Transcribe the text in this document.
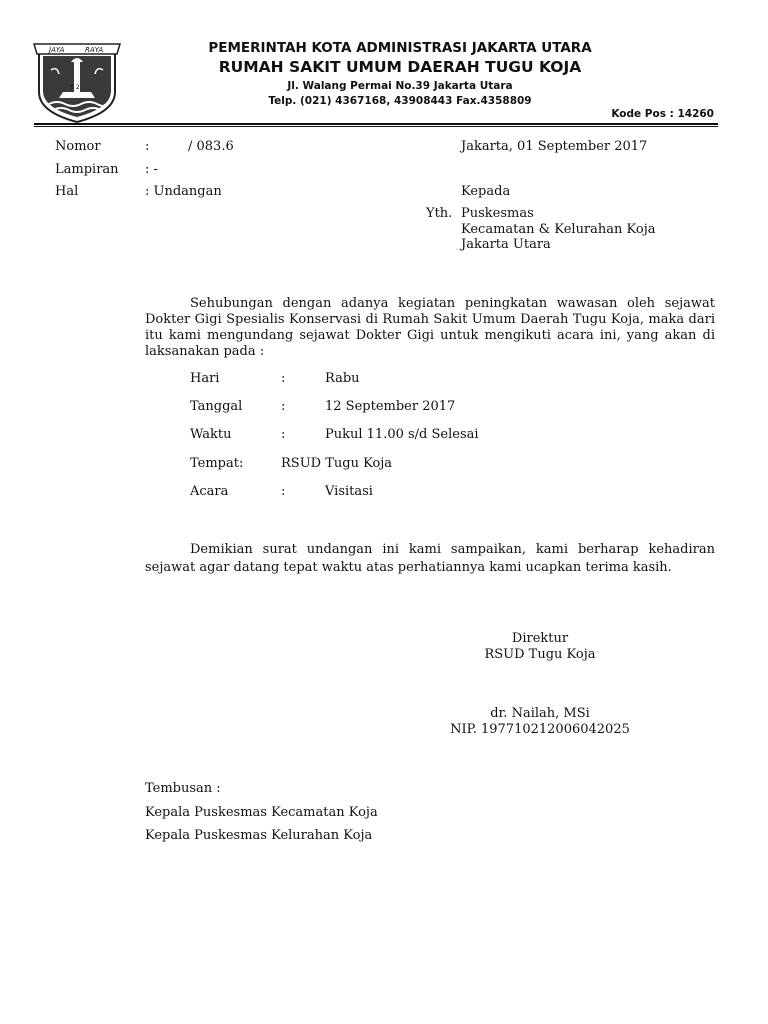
JAYA	RAYA
S 2
PEMERINTAH KOTA ADMINISTRASI JAKARTA UTARA
RUMAH SAKIT UMUM DAERAH TUGU KOJA
Jl. Walang Permai No.39 Jakarta Utara
Telp. (021) 4367168, 43908443 Fax.4358809
Kode Pos : 14260
Nomor	:	/ 083.6
Lampiran : -
Hal	: Undangan
Jakarta, 01 September 2017
Kepada
Yth. Puskesmas
Kecamatan & Kelurahan Koja
Jakarta Utara
Sehubungan dengan adanya kegiatan peningkatan wawasan oleh sejawat Dokter Gigi Spesialis Konservasi di Rumah Sakit Umum Daerah Tugu Koja, maka dari itu kami mengundang sejawat Dokter Gigi untuk mengikuti acara ini, yang akan di laksanakan pada :
Hari	:	Rabu
Tanggal	:	12 September 2017
Waktu	:	Pukul 11.00 s/d Selesai
Tempat:	RSUD Tugu Koja
Acara	:	Visitasi
Demikian surat undangan ini kami sampaikan, kami berharap kehadiran sejawat agar datang tepat waktu atas perhatiannya kami ucapkan terima kasih.
Direktur
RSUD Tugu Koja
dr. Nailah, MSi
NIP. 197710212006042025
Tembusan :
Kepala Puskesmas Kecamatan Koja
Kepala Puskesmas Kelurahan Koja
